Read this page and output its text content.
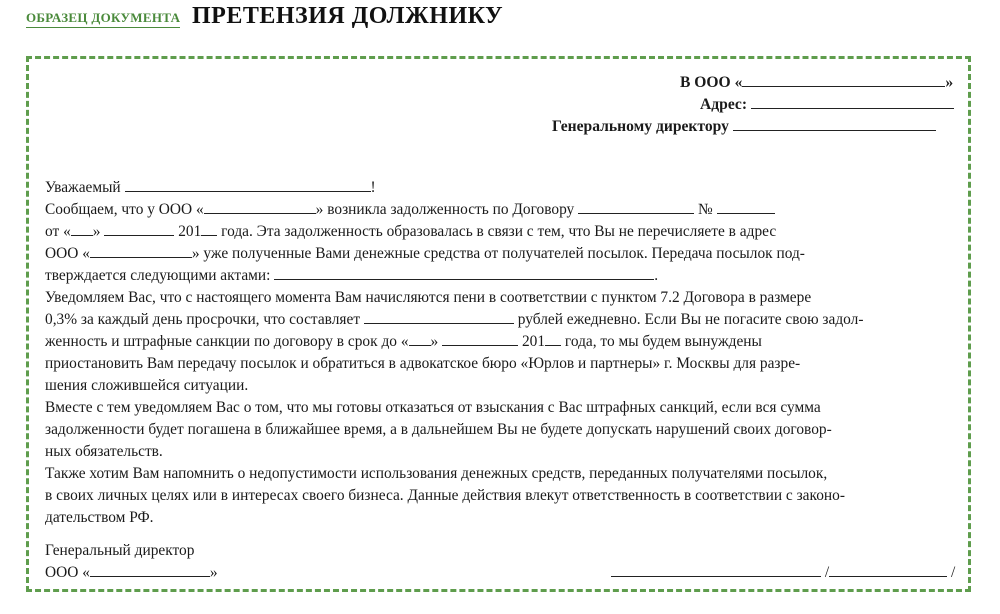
ОБРАЗЕЦ ДОКУМЕНТА ПРЕТЕНЗИЯ ДОЛЖНИКУ
В ООО «	»
Адрес:
Генеральному директору
Уважаемый	!
Сообщаем, что у ООО «	» возникла задолженность по Договору	№
от « »	201 года. Эта задолженность образовалась в связи с тем, что Вы не перечисляете в адрес
ООО «	» уже полученные Вами денежные средства от получателей посылок. Передача посылок под-
тверждается следующими актами:	.
Уведомляем Вас, что с настоящего момента Вам начисляются пени в соответствии с пунктом 7.2 Договора в размере
0,3% за каждый день просрочки, что составляет	рублей ежедневно. Если Вы не погасите свою задол-
женность и штрафные санкции по договору в срок до « »	201 года, то мы будем вынуждены
приостановить Вам передачу посылок и обратиться в адвокатское бюро «Юрлов и партнеры» г. Москвы для разре-
шения сложившейся ситуации.
Вместе с тем уведомляем Вас о том, что мы готовы отказаться от взыскания с Вас штрафных санкций, если вся сумма
задолженности будет погашена в ближайшее время, а в дальнейшем Вы не будете допускать нарушений своих договор-
ных обязательств.
Также хотим Вам напомнить о недопустимости использования денежных средств, переданных получателями посылок,
в своих личных целях или в интересах своего бизнеса. Данные действия влекут ответственность в соответствии с законо-
дательством РФ.
Генеральный директор
ООО «	»	/	/
